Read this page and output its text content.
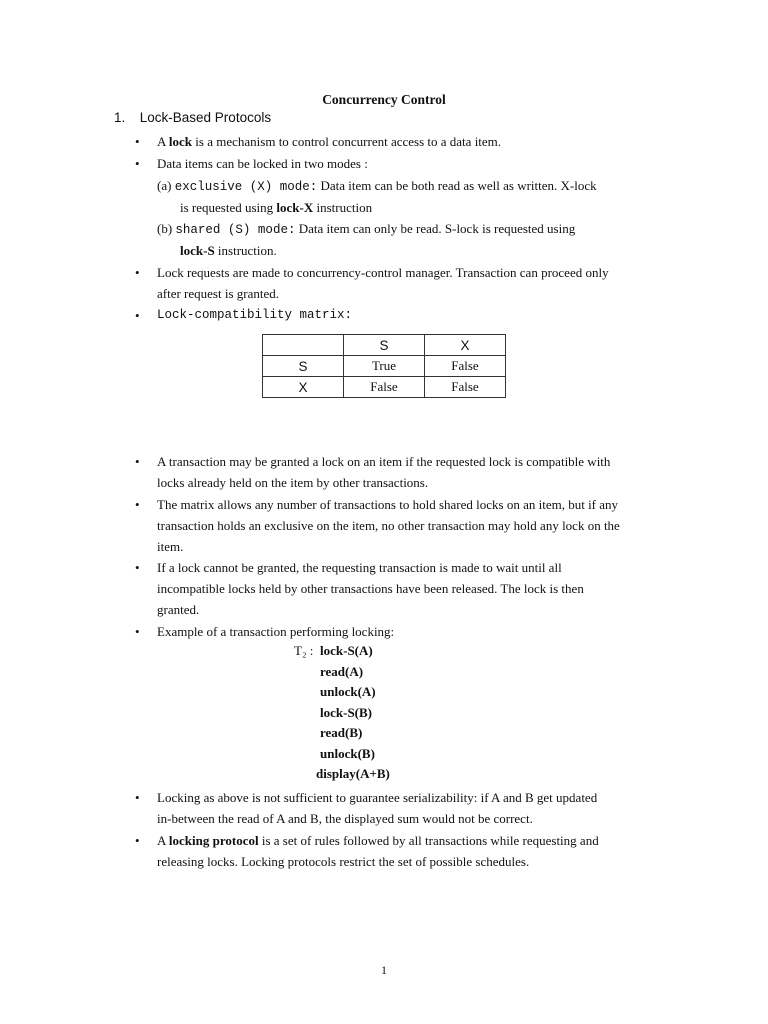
Concurrency Control
1. Lock-Based Protocols
• A lock is a mechanism to control concurrent access to a data item.
• Data items can be locked in two modes :
(a) exclusive (X) mode: Data item can be both read as well as written. X-lock
is requested using lock-X instruction
(b) shared (S) mode: Data item can only be read. S-lock is requested using
lock-S instruction.
• Lock requests are made to concurrency-control manager. Transaction can proceed only
after request is granted.
• Lock-compatibility matrix:
	S	X
S	True	False
X	False	False
• A transaction may be granted a lock on an item if the requested lock is compatible with
locks already held on the item by other transactions.
• The matrix allows any number of transactions to hold shared locks on an item, but if any
transaction holds an exclusive on the item, no other transaction may hold any lock on the
item.
• If a lock cannot be granted, the requesting transaction is made to wait until all
incompatible locks held by other transactions have been released. The lock is then
granted.
• Example of a transaction performing locking:
T₂ : lock-S(A)
read(A)
unlock(A)
lock-S(B)
read(B)
unlock(B)
display(A+B)
• Locking as above is not sufficient to guarantee serializability: if A and B get updated
in-between the read of A and B, the displayed sum would not be correct.
• A locking protocol is a set of rules followed by all transactions while requesting and
releasing locks. Locking protocols restrict the set of possible schedules.
1
